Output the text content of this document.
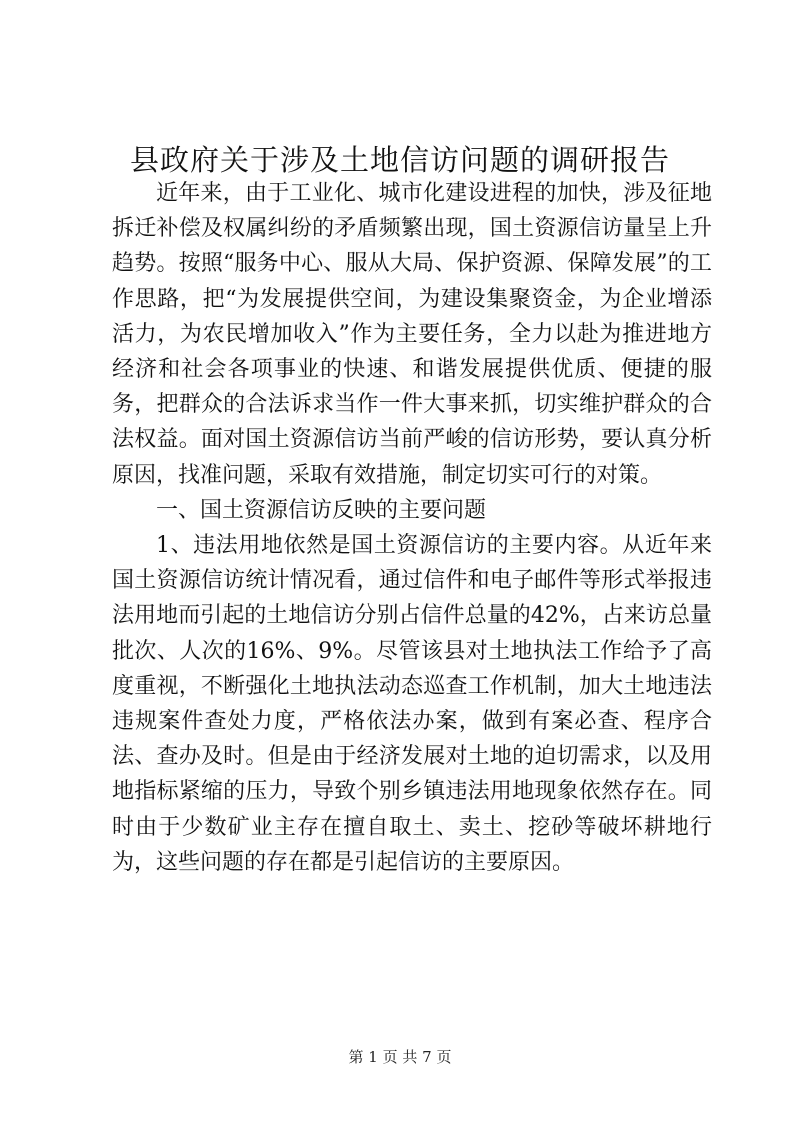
县政府关于涉及土地信访问题的调研报告

近年来，由于工业化、城市化建设进程的加快，涉及征地拆迁补偿及权属纠纷的矛盾频繁出现，国土资源信访量呈上升趋势。按照“服务中心、服从大局、保护资源、保障发展”的工作思路，把“为发展提供空间，为建设集聚资金，为企业增添活力，为农民增加收入”作为主要任务，全力以赴为推进地方经济和社会各项事业的快速、和谐发展提供优质、便捷的服务，把群众的合法诉求当作一件大事来抓，切实维护群众的合法权益。面对国土资源信访当前严峻的信访形势，要认真分析原因，找准问题，采取有效措施，制定切实可行的对策。

一、国土资源信访反映的主要问题

1、违法用地依然是国土资源信访的主要内容。从近年来国土资源信访统计情况看，通过信件和电子邮件等形式举报违法用地而引起的土地信访分别占信件总量的42%，占来访总量批次、人次的16%、9%。尽管该县对土地执法工作给予了高度重视，不断强化土地执法动态巡查工作机制，加大土地违法违规案件查处力度，严格依法办案，做到有案必查、程序合法、查办及时。但是由于经济发展对土地的迫切需求，以及用地指标紧缩的压力，导致个别乡镇违法用地现象依然存在。同时由于少数矿业主存在擅自取土、卖土、挖砂等破坏耕地行为，这些问题的存在都是引起信访的主要原因。

第 1 页 共 7 页
